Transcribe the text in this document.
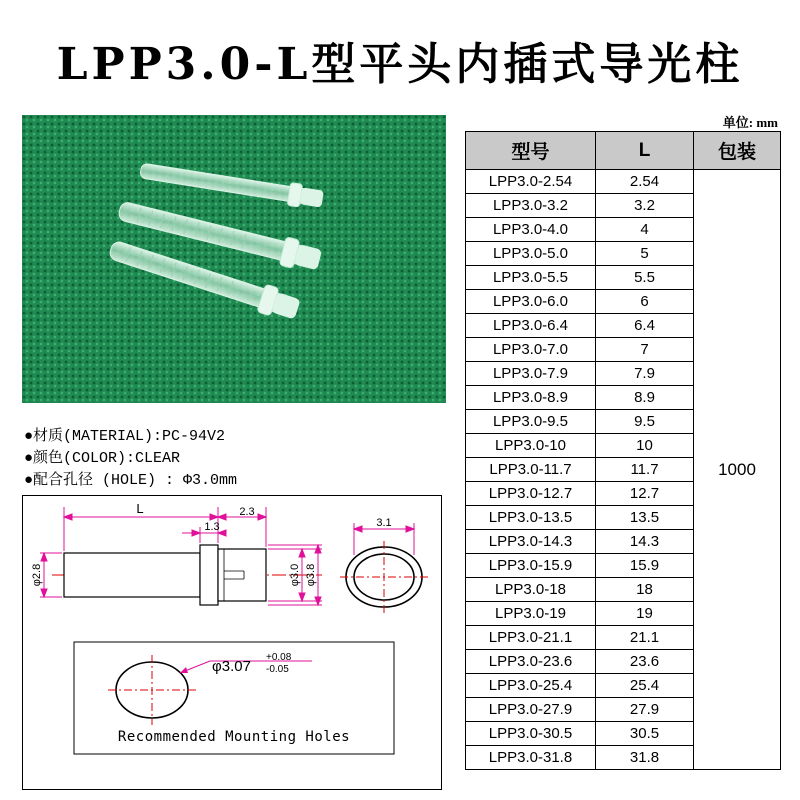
LPP3.0-L型平头内插式导光柱
单位: mm
●材质(MATERIAL):PC-94V2
●颜色(COLOR):CLEAR
●配合孔径 (HOLE) : Φ3.0mm
L	2.3
1.3
φ2.8	φ3.0 φ3.8
3.1
φ3.07
+0.08
-0.05
Recommended Mounting Holes
型号	L	包装
LPP3.0-2.54	2.54	1000
LPP3.0-3.2	3.2	
LPP3.0-4.0	4	
LPP3.0-5.0	5	
LPP3.0-5.5	5.5	
LPP3.0-6.0	6	
LPP3.0-6.4	6.4	
LPP3.0-7.0	7	
LPP3.0-7.9	7.9	
LPP3.0-8.9	8.9	
LPP3.0-9.5	9.5	
LPP3.0-10	10	
LPP3.0-11.7	11.7	
LPP3.0-12.7	12.7	
LPP3.0-13.5	13.5	
LPP3.0-14.3	14.3	
LPP3.0-15.9	15.9	
LPP3.0-18	18	
LPP3.0-19	19	
LPP3.0-21.1	21.1	
LPP3.0-23.6	23.6	
LPP3.0-25.4	25.4	
LPP3.0-27.9	27.9	
LPP3.0-30.5	30.5	
LPP3.0-31.8	31.8	
